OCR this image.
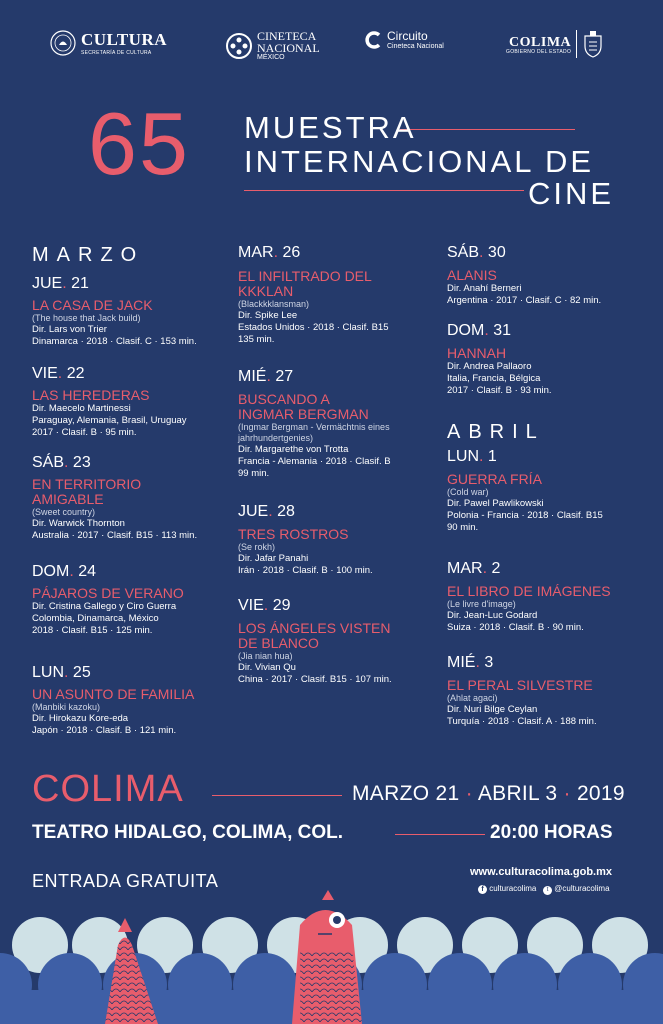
CULTURA
SECRETARÍA DE CULTURA
CINETECA
NACIONAL
MÉXICO
Circuito
Cineteca Nacional	COLIMA
GOBIERNO DEL ESTADO
65 MUESTRA
INTERNACIONAL DE
CINE
MARZO
ABRIL
JUE. 21
LA CASA DE JACK
(The house that Jack build)
Dir. Lars von Trier
Dinamarca · 2018 · Clasif. C · 153 min.
VIE. 22
LAS HEREDERAS
Dir. Maecelo Martinessi
Paraguay, Alemania, Brasil, Uruguay
2017 · Clasif. B · 95 min.
SÁB. 23
EN TERRITORIO AMIGABLE
(Sweet country)
Dir. Warwick Thornton
Australia · 2017 · Clasif. B15 · 113 min.
DOM. 24
PÁJAROS DE VERANO
Dir. Cristina Gallego y Ciro Guerra
Colombia, Dinamarca, México
2018 · Clasif. B15 · 125 min.
LUN. 25
UN ASUNTO DE FAMILIA
(Manbiki kazoku)
Dir. Hirokazu Kore-eda
Japón · 2018 · Clasif. B · 121 min.
MAR. 26
EL INFILTRADO DEL KKKLAN
(Blackkklansman)
Dir. Spike Lee
Estados Unidos · 2018 · Clasif. B15
135 min.
MIÉ. 27
BUSCANDO A INGMAR BERGMAN
(Ingmar Bergman - Vermächtnis eines jahrhundertgenies)
Dir. Margarethe von Trotta
Francia - Alemania · 2018 · Clasif. B
99 min.
JUE. 28
TRES ROSTROS
(Se rokh)
Dir. Jafar Panahi
Irán · 2018 · Clasif. B · 100 min.
VIE. 29
LOS ÁNGELES VISTEN DE BLANCO
(Jia nian hua)
Dir. Vivian Qu
China · 2017 · Clasif. B15 · 107 min.
SÁB. 30
ALANIS
Dir. Anahí Berneri
Argentina · 2017 · Clasif. C · 82 min.
DOM. 31
HANNAH
Dir. Andrea Pallaoro
Italia, Francia, Bélgica
2017 · Clasif. B · 93 min.
LUN. 1
GUERRA FRÍA
(Cold war)
Dir. Pawel Pawlikowski
Polonia - Francia · 2018 · Clasif. B15
90 min.
MAR. 2
EL LIBRO DE IMÁGENES
(Le livre d'image)
Dir. Jean-Luc Godard
Suiza · 2018 · Clasif. B · 90 min.
MIÉ. 3
EL PERAL SILVESTRE
(Ahlat agaci)
Dir. Nuri Bilge Ceylan
Turquía · 2018 · Clasif. A · 188 min.
COLIMA	MARZO 21 · ABRIL 3 · 2019
TEATRO HIDALGO, COLIMA, COL.	20:00 HORAS
ENTRADA GRATUITA	www.culturacolima.gob.mx
f culturacolima t @culturacolima
